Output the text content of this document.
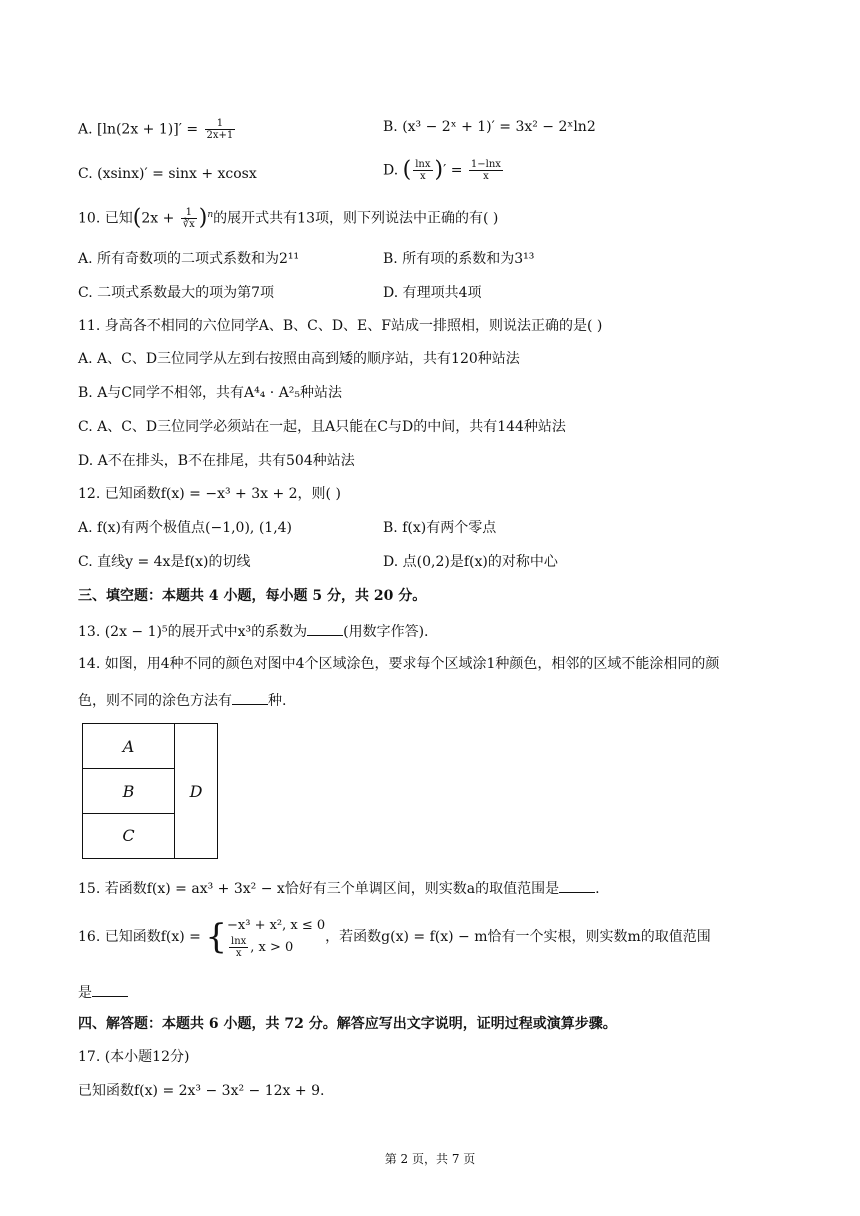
A. $[\ln(2x + 1)]' = \frac{1}{2x+1}$	B. (x³ − 2ˣ + 1)′ = 3x² − 2ˣln2
C. (xsinx)′ = sinx + xcosx	D. ( $\frac{\ln x}{x}$ )′ = $\frac{1-\ln x}{x}$
10. 已知$(2x + \frac{1}{∛x} )^n$的展开式共有13项，则下列说法中正确的有( )
A. 所有奇数项的二项式系数和为2¹¹	B. 所有项的系数和为3¹³
C. 二项式系数最大的项为第7项	D. 有理项共4项
11. 身高各不相同的六位同学A、B、C、D、E、F站成一排照相，则说法正确的是( )
A. A、C、D三位同学从左到右按照由高到矮的顺序站，共有120种站法
B. A与C同学不相邻，共有A⁴₄ · A²₅种站法
C. A、C、D三位同学必须站在一起，且A只能在C与D的中间，共有144种站法
D. A不在排头，B不在排尾，共有504种站法
12. 已知函数f(x) = −x³ + 3x + 2，则( )
A. f(x)有两个极值点(−1,0), (1,4)	B. f(x)有两个零点
C. 直线y = 4x是f(x)的切线	D. 点(0,2)是f(x)的对称中心
三、填空题：本题共 4 小题，每小题 5 分，共 20 分。
13. (2x − 1)⁵的展开式中x³的系数为	(用数字作答).
14. 如图，用4种不同的颜色对图中4个区域涂色，要求每个区域涂1种颜色，相邻的区域不能涂相同的颜
色，则不同的涂色方法有	种.
A
B
C
D
15. 若函数f(x) = ax³ + 3x² − x恰好有三个单调区间，则实数a的取值范围是	.
16. 已知函数f(x) = { −x³ + x², x ≤ 0
$\frac{\ln x}{x}$ , x > 0
，若函数g(x) = f(x) − m恰有一个实根，则实数m的取值范围
是
四、解答题：本题共 6 小题，共 72 分。解答应写出文字说明，证明过程或演算步骤。
17. (本小题12分)
已知函数f(x) = 2x³ − 3x² − 12x + 9.
第 2 页，共 7 页
